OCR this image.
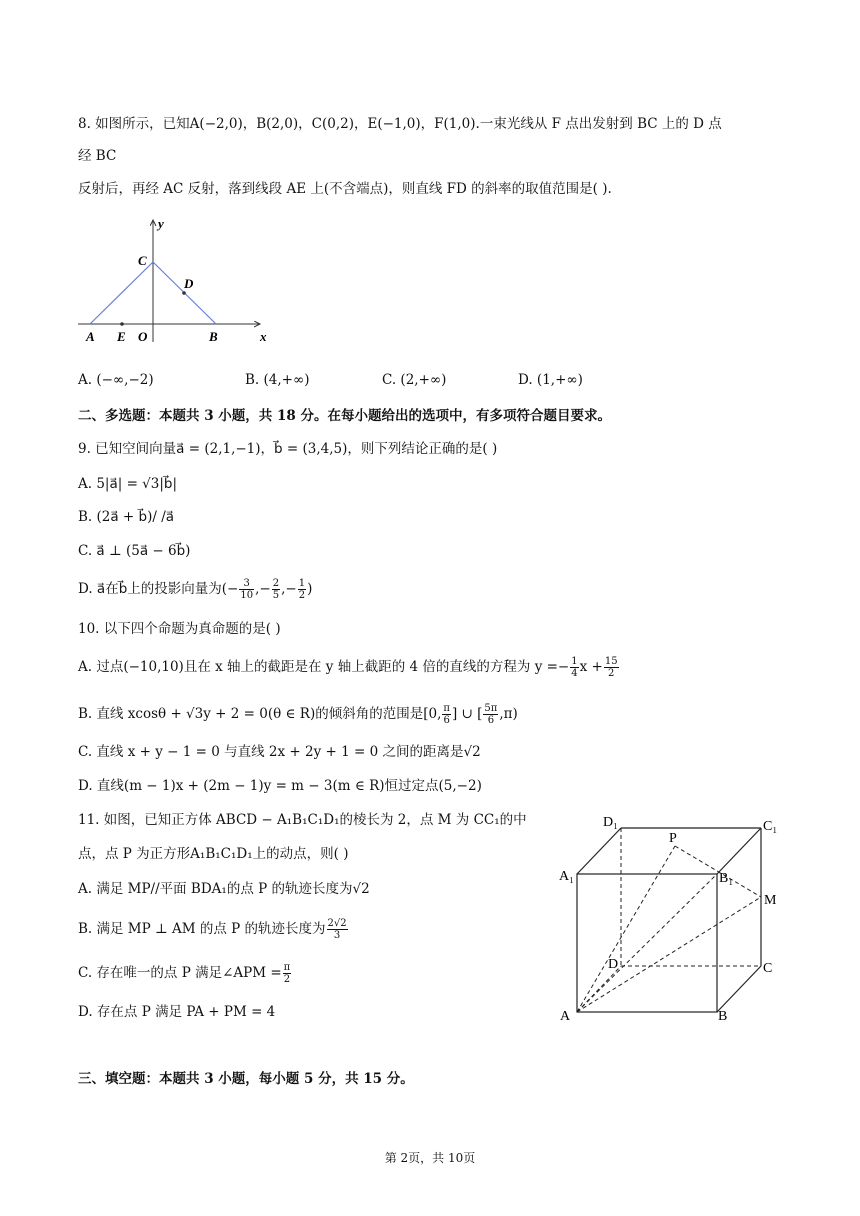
8. 如图所示，已知A(−2,0)，B(2,0)，C(0,2)，E(−1,0)，F(1,0).一束光线从 F 点出发射到 BC 上的 D 点
经 BC
反射后，再经 AC 反射，落到线段 AE 上(不含端点)，则直线 FD 的斜率的取值范围是( ).
y
C
D
A E O	B	x
A. (−∞,−2)	B. (4,+∞)	C. (2,+∞)	D. (1,+∞)
二、多选题：本题共 3 小题，共 18 分。在每小题给出的选项中，有多项符合题目要求。
9. 已知空间向量a⃗ = (2,1,−1)，b⃗ = (3,4,5)，则下列结论正确的是( )
A. 5|a⃗| = √3|b⃗|
B. (2a⃗ + b⃗)/ /a⃗
C. a⃗ ⊥ (5a⃗ − 6b⃗)
D. a⃗在b⃗上的投影向量为(− $\frac{3}{10}$ ,− $\frac{2}{5}$ ,− $\frac{1}{2}$ )
10. 以下四个命题为真命题的是( )
A. 过点(−10,10)且在 x 轴上的截距是在 y 轴上截距的 4 倍的直线的方程为 $y =- \frac{1}{4}$ $x + \frac{15}{2}$
B. 直线 xcosθ + √3y + 2 = 0(θ ∈ R)的倾斜角的范围是[0, $\frac{\pi}{6}$ ] ∪ [ $\frac{5\pi}{6} ,\pi$)
C. 直线 x + y − 1 = 0 与直线 2x + 2y + 1 = 0 之间的距离是√2
D. 直线(m − 1)x + (2m − 1)y = m − 3(m ∈ R)恒过定点(5,−2)
11. 如图，已知正方体 ABCD − A₁B₁C₁D₁的棱长为 2，点 M 为 CC₁的中
点，点 P 为正方形A₁B₁C₁D₁上的动点，则( )
A. 满足 MP//平面 BDA₁的点 P 的轨迹长度为√2
B. 满足 MP ⊥ AM 的点 P 的轨迹长度为 $\frac{2√2}{3}$
C. 存在唯一的点 P 满足∠APM = $\frac{\pi}{2}$
D. 存在点 P 满足 PA + PM = 4
D₁	C₁
P
A₁	B₁
M
D	C
A	B
三、填空题：本题共 3 小题，每小题 5 分，共 15 分。
第 2页，共 10页
